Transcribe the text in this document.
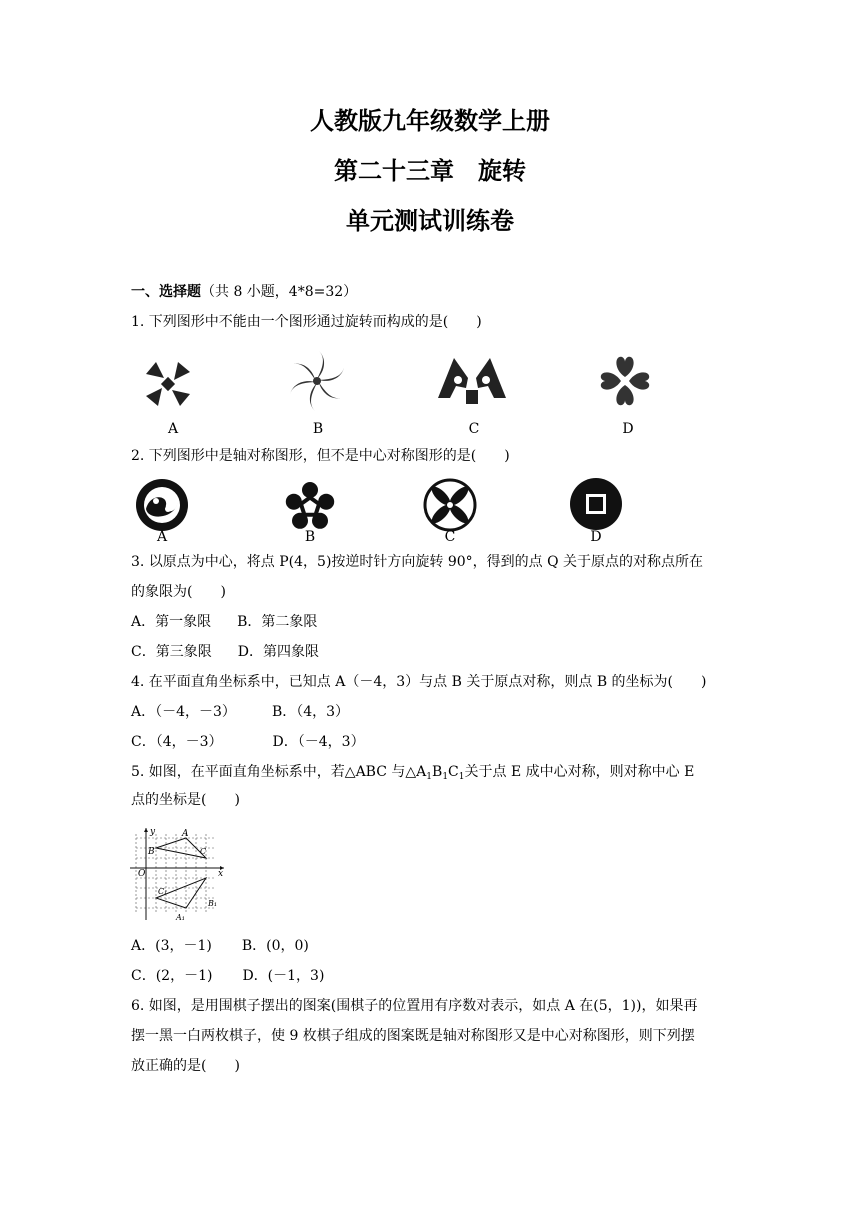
人教版九年级数学上册
第二十三章　旋转
单元测试训练卷
一、选择题（共 8 小题，4*8=32）
1. 下列图形中不能由一个图形通过旋转而构成的是(　　)
A	B	C	D
2. 下列图形中是轴对称图形，但不是中心对称图形的是(　　)
A	B	C	D
3. 以原点为中心，将点 P(4，5)按逆时针方向旋转 90°，得到的点 Q 关于原点的对称点所在
的象限为(　　)
A．第一象限 B．第二象限
C．第三象限 D．第四象限
4. 在平面直角坐标系中，已知点 A（－4，3）与点 B 关于原点对称，则点 B 的坐标为(　　)
A．（－4，－3）	B．（4，3）
C．（4，－3）	D．（－4，3）
5. 如图，在平面直角坐标系中，若△ABC 与$\triangle A_1B_1C_1$关于点 E 成中心对称，则对称中心 E
点的坐标是(　　)
y
x
O
A
B	C
A₁
B₁
C₁
A．(3，－1) B．(0，0)
C．(2，－1) D．(－1，3)
6. 如图，是用围棋子摆出的图案(围棋子的位置用有序数对表示，如点 A 在(5，1))，如果再
摆一黑一白两枚棋子，使 9 枚棋子组成的图案既是轴对称图形又是中心对称图形，则下列摆
放正确的是(　　)
